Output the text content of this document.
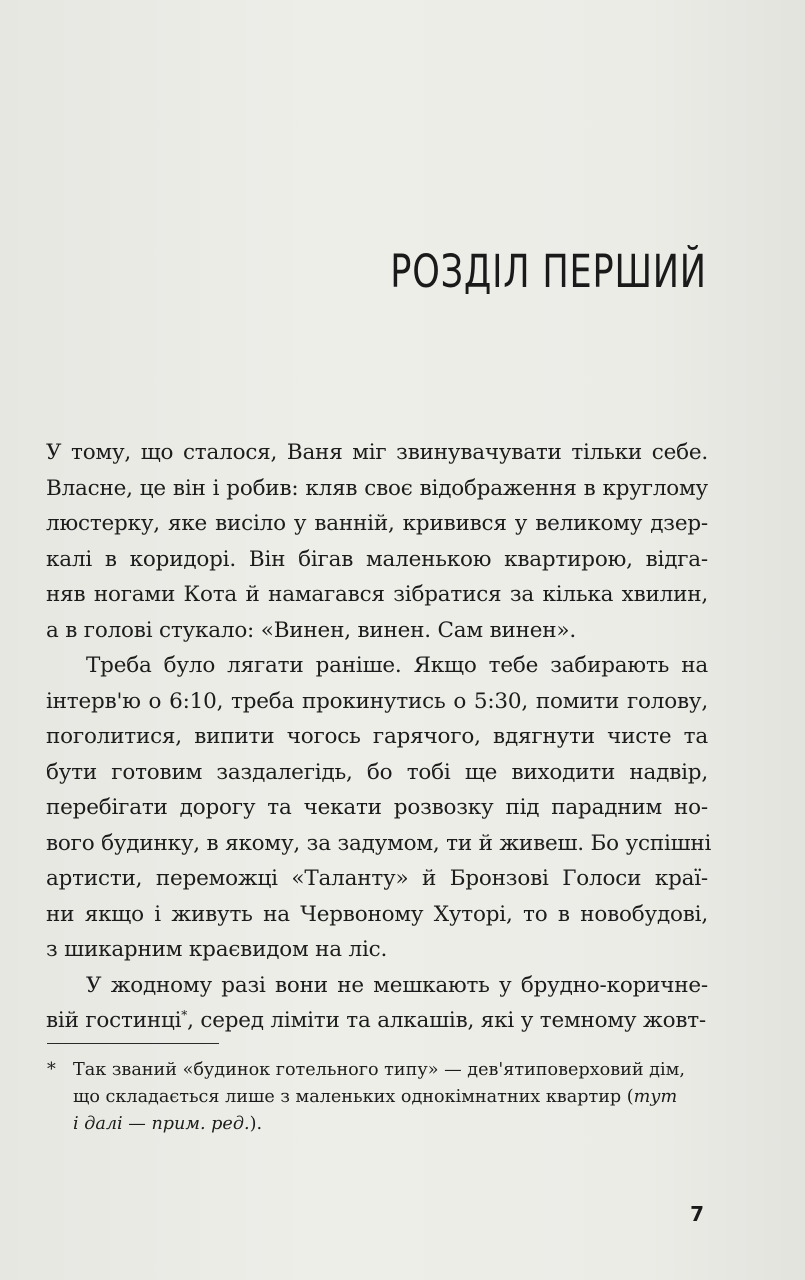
РОЗДІЛ ПЕРШИЙ
У тому, що сталося, Ваня міг звинувачувати тільки себе.
Власне, це він і робив: кляв своє відображення в круглому
люстерку, яке висіло у ванній, кривився у великому дзер-
калі в коридорі. Він бігав маленькою квартирою, відга-
няв ногами Кота й намагався зібратися за кілька хвилин,
а в голові стукало: «Винен, винен. Сам винен».
Треба було лягати раніше. Якщо тебе забирають на
інтерв'ю о 6:10, треба прокинутись о 5:30, помити голову,
поголитися, випити чогось гарячого, вдягнути чисте та
бути готовим заздалегідь, бо тобі ще виходити надвір,
перебігати дорогу та чекати розвозку під парадним но-
вого будинку, в якому, за задумом, ти й живеш. Бо успішні
артисти, переможці «Таланту» й Бронзові Голоси краї-
ни якщо і живуть на Червоному Хуторі, то в новобудові,
з шикарним краєвидом на ліс.
У жодному разі вони не мешкають у брудно-коричне-
вій гостинці*, серед ліміти та алкашів, які у темному жовт-
* Так званий «будинок готельного типу» — дев'ятиповерховий дім,
що складається лише з маленьких однокімнатних квартир (тут
і далі — прим. ред.).
7
